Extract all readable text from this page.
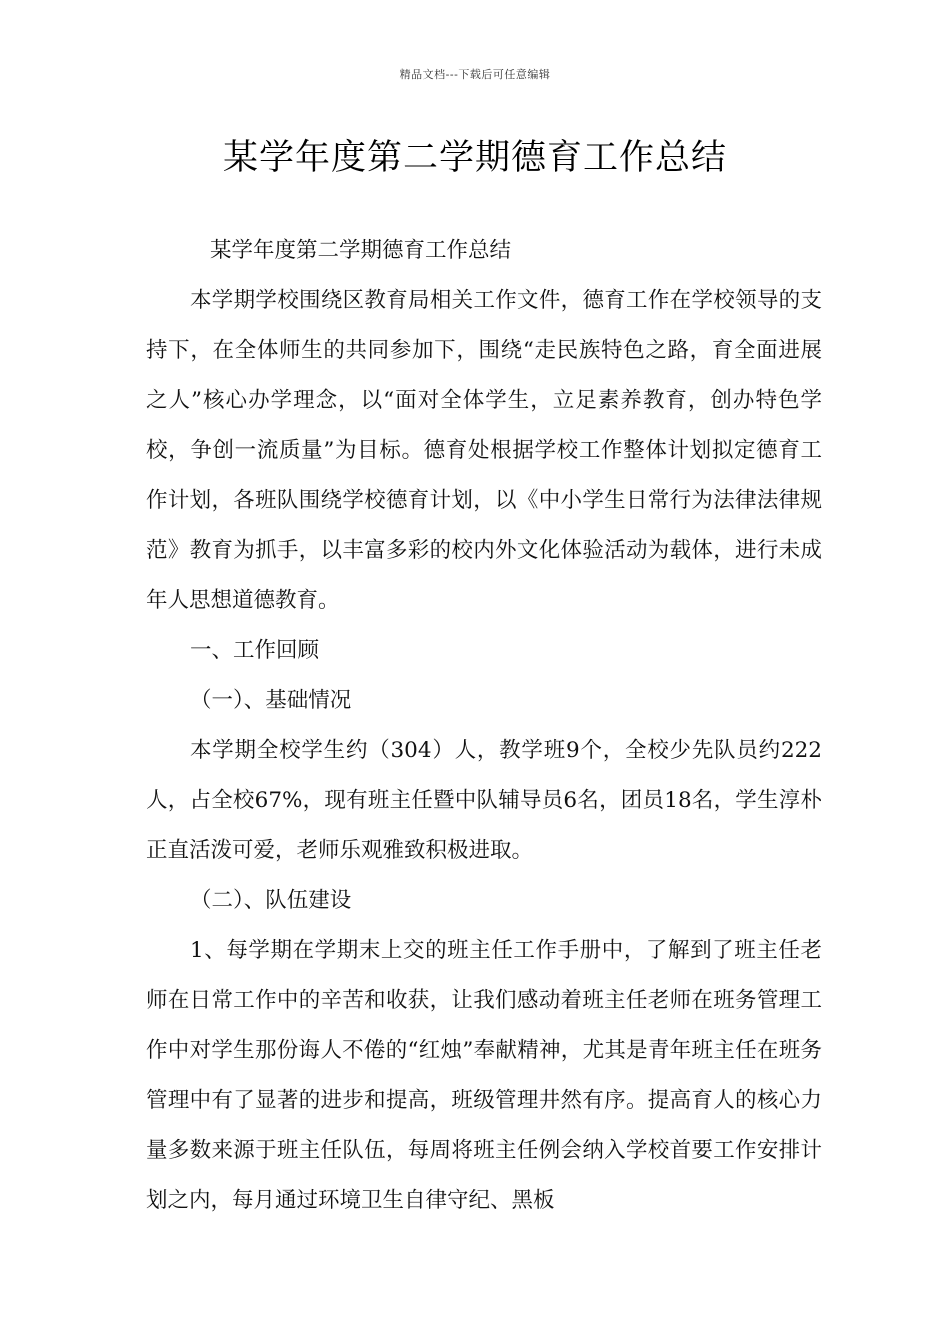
精品文档---下载后可任意编辑
某学年度第二学期德育工作总结

某学年度第二学期德育工作总结

本学期学校围绕区教育局相关工作文件，德育工作在学校领导的支持下，在全体师生的共同参加下，围绕“走民族特色之路，育全面进展之人”核心办学理念，以“面对全体学生，立足素养教育，创办特色学校，争创一流质量”为目标。德育处根据学校工作整体计划拟定德育工作计划，各班队围绕学校德育计划，以《中小学生日常行为法律法律规范》教育为抓手，以丰富多彩的校内外文化体验活动为载体，进行未成年人思想道德教育。

一、工作回顾

（一）、基础情况

本学期全校学生约（304）人，教学班9个，全校少先队员约222人，占全校67%，现有班主任暨中队辅导员6名，团员18名，学生淳朴正直活泼可爱，老师乐观雅致积极进取。

（二）、队伍建设

1、每学期在学期末上交的班主任工作手册中，了解到了班主任老师在日常工作中的辛苦和收获，让我们感动着班主任老师在班务管理工作中对学生那份诲人不倦的“红烛”奉献精神，尤其是青年班主任在班务管理中有了显著的进步和提高，班级管理井然有序。提高育人的核心力量多数来源于班主任队伍，每周将班主任例会纳入学校首要工作安排计划之内，每月通过环境卫生自律守纪、黑板
